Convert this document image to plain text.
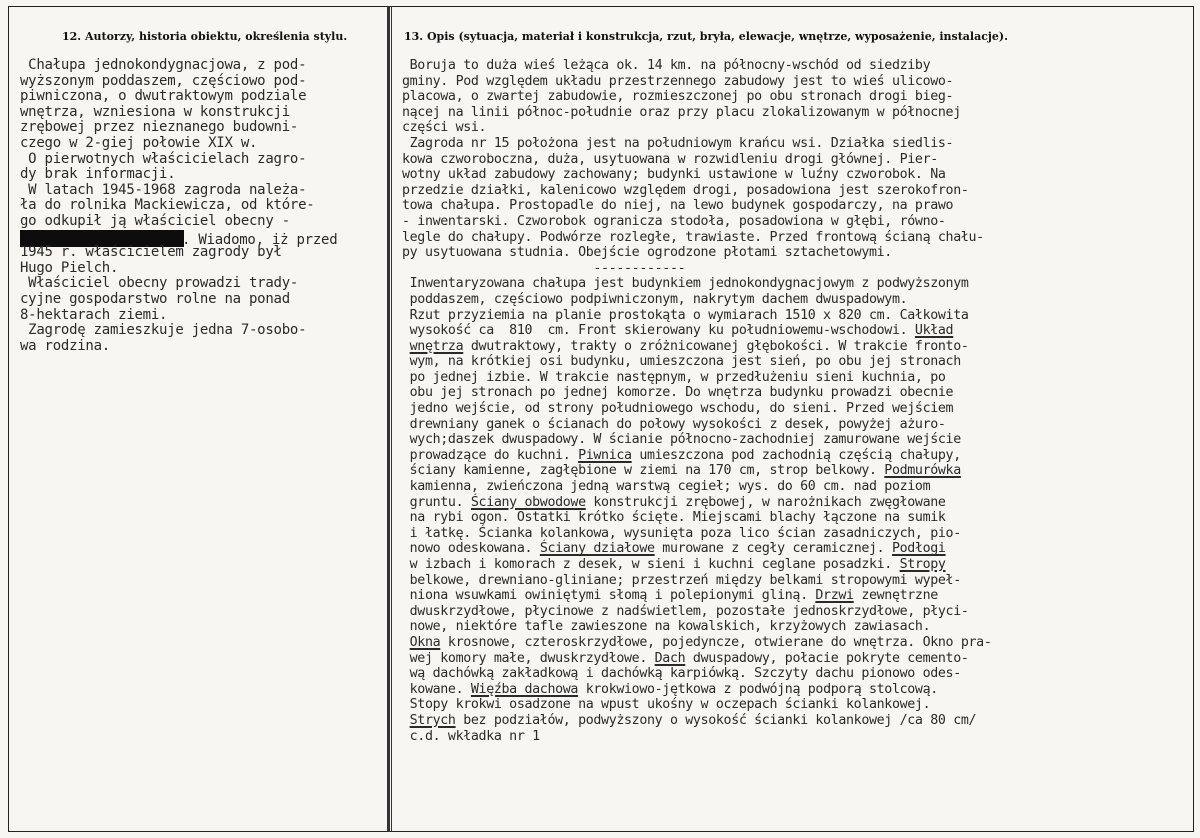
12. Autorzy, historia obiektu, określenia stylu.	13. Opis (sytuacja, materiał i konstrukcja, rzut, bryła, elewacje, wnętrze, wyposażenie, instalacje).
Chałupa jednokondygnacjowa, z pod-
wyższonym poddaszem, częściowo pod-
piwniczona, o dwutraktowym podziale
wnętrza, wzniesiona w konstrukcji
zrębowej przez nieznanego budowni-
czego w 2-giej połowie XIX w.
O pierwotnych właścicielach zagro-
dy brak informacji.
W latach 1945-1968 zagroda należa-
ła do rolnika Mackiewicza, od które-
go odkupił ją właściciel obecny -
. Wiadomo, iż przed
1945 r. właścicielem zagrody był
Hugo Pielch.
Właściciel obecny prowadzi trady-
cyjne gospodarstwo rolne na ponad
8-hektarach ziemi.
Zagrodę zamieszkuje jedna 7-osobo-
wa rodzina.
Boruja to duża wieś leżąca ok. 14 km. na północny-wschód od siedziby
gminy. Pod względem układu przestrzennego zabudowy jest to wieś ulicowo-
placowa, o zwartej zabudowie, rozmieszczonej po obu stronach drogi bieg-
nącej na linii północ-południe oraz przy placu zlokalizowanym w północnej
części wsi.
Zagroda nr 15 położona jest na południowym krańcu wsi. Działka siedlis-
kowa czworoboczna, duża, usytuowana w rozwidleniu drogi głównej. Pier-
wotny układ zabudowy zachowany; budynki ustawione w luźny czworobok. Na
przedzie działki, kalenicowo względem drogi, posadowiona jest szerokofron-
towa chałupa. Prostopadle do niej, na lewo budynek gospodarczy, na prawo
- inwentarski. Czworobok ogranicza stodoła, posadowiona w głębi, równo-
legle do chałupy. Podwórze rozległe, trawiaste. Przed frontową ścianą chału-
py usytuowana studnia. Obejście ogrodzone płotami sztachetowymi.
------------
Inwentaryzowana chałupa jest budynkiem jednokondygnacjowym z podwyższonym
poddaszem, częściowo podpiwniczonym, nakrytym dachem dwuspadowym.
Rzut przyziemia na planie prostokąta o wymiarach 1510 x 820 cm. Całkowita
wysokość ca  810  cm. Front skierowany ku południowemu-wschodowi. Układ
wnętrza dwutraktowy, trakty o zróżnicowanej głębokości. W trakcie fronto-
wym, na krótkiej osi budynku, umieszczona jest sień, po obu jej stronach
po jednej izbie. W trakcie następnym, w przedłużeniu sieni kuchnia, po
obu jej stronach po jednej komorze. Do wnętrza budynku prowadzi obecnie
jedno wejście, od strony południowego wschodu, do sieni. Przed wejściem
drewniany ganek o ścianach do połowy wysokości z desek, powyżej ażuro-
wych;daszek dwuspadowy. W ścianie północno-zachodniej zamurowane wejście
prowadzące do kuchni. Piwnica umieszczona pod zachodnią częścią chałupy,
ściany kamienne, zagłębione w ziemi na 170 cm, strop belkowy. Podmurówka
kamienna, zwieńczona jedną warstwą cegieł; wys. do 60 cm. nad poziom
gruntu. Ściany obwodowe konstrukcji zrębowej, w narożnikach zwęgłowane
na rybi ogon. Ostatki krótko ścięte. Miejscami blachy łączone na sumik
i łatkę. Ścianka kolankowa, wysunięta poza lico ścian zasadniczych, pio-
nowo odeskowana. Ściany działowe murowane z cegły ceramicznej. Podłogi
w izbach i komorach z desek, w sieni i kuchni ceglane posadzki. Stropy
belkowe, drewniano-gliniane; przestrzeń między belkami stropowymi wypeł-
niona wsuwkami owiniętymi słomą i polepionymi gliną. Drzwi zewnętrzne
dwuskrzydłowe, płycinowe z nadświetlem, pozostałe jednoskrzydłowe, płyci-
nowe, niektóre tafle zawieszone na kowalskich, krzyżowych zawiasach.
Okna krosnowe, czteroskrzydłowe, pojedyncze, otwierane do wnętrza. Okno pra-
wej komory małe, dwuskrzydłowe. Dach dwuspadowy, połacie pokryte cemento-
wą dachówką zakładkową i dachówką karpiówką. Szczyty dachu pionowo odes-
kowane. Więźba dachowa krokwiowo-jętkowa z podwójną podporą stolcową.
Stopy krokwi osadzone na wpust ukośny w oczepach ścianki kolankowej.
Strych bez podziałów, podwyższony o wysokość ścianki kolankowej /ca 80 cm/
c.d. wkładka nr 1
